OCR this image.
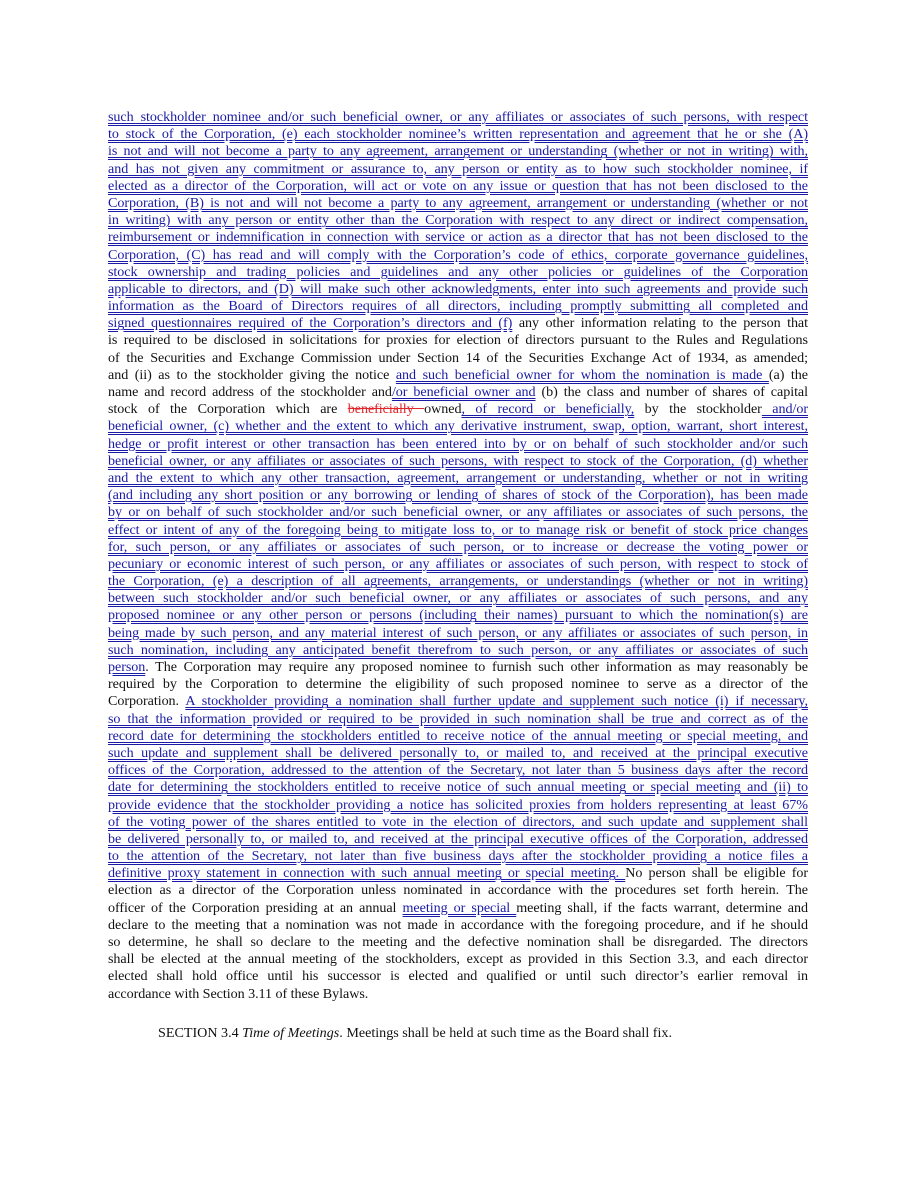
such stockholder nominee and/or such beneficial owner, or any affiliates or associates of such persons, with respect
to stock of the Corporation, (e) each stockholder nominee’s written representation and agreement that he or she (A)
is not and will not become a party to any agreement, arrangement or understanding (whether or not in writing) with,
and has not given any commitment or assurance to, any person or entity as to how such stockholder nominee, if
elected as a director of the Corporation, will act or vote on any issue or question that has not been disclosed to the
Corporation, (B) is not and will not become a party to any agreement, arrangement or understanding (whether or not
in writing) with any person or entity other than the Corporation with respect to any direct or indirect compensation,
reimbursement or indemnification in connection with service or action as a director that has not been disclosed to the
Corporation, (C) has read and will comply with the Corporation’s code of ethics, corporate governance guidelines,
stock ownership and trading policies and guidelines and any other policies or guidelines of the Corporation
applicable to directors, and (D) will make such other acknowledgments, enter into such agreements and provide such
information as the Board of Directors requires of all directors, including promptly submitting all completed and
signed questionnaires required of the Corporation’s directors and (f) any other information relating to the person that
is required to be disclosed in solicitations for proxies for election of directors pursuant to the Rules and Regulations
of the Securities and Exchange Commission under Section 14 of the Securities Exchange Act of 1934, as amended;
and (ii) as to the stockholder giving the notice and such beneficial owner for whom the nomination is made (a) the
name and record address of the stockholder and/or beneficial owner and (b) the class and number of shares of capital
stock of the Corporation which are beneficially owned, of record or beneficially, by the stockholder and/or
beneficial owner, (c) whether and the extent to which any derivative instrument, swap, option, warrant, short interest,
hedge or profit interest or other transaction has been entered into by or on behalf of such stockholder and/or such
beneficial owner, or any affiliates or associates of such persons, with respect to stock of the Corporation, (d) whether
and the extent to which any other transaction, agreement, arrangement or understanding, whether or not in writing
(and including any short position or any borrowing or lending of shares of stock of the Corporation), has been made
by or on behalf of such stockholder and/or such beneficial owner, or any affiliates or associates of such persons, the
effect or intent of any of the foregoing being to mitigate loss to, or to manage risk or benefit of stock price changes
for, such person, or any affiliates or associates of such person, or to increase or decrease the voting power or
pecuniary or economic interest of such person, or any affiliates or associates of such person, with respect to stock of
the Corporation, (e) a description of all agreements, arrangements, or understandings (whether or not in writing)
between such stockholder and/or such beneficial owner, or any affiliates or associates of such persons, and any
proposed nominee or any other person or persons (including their names) pursuant to which the nomination(s) are
being made by such person, and any material interest of such person, or any affiliates or associates of such person, in
such nomination, including any anticipated benefit therefrom to such person, or any affiliates or associates of such
person. The Corporation may require any proposed nominee to furnish such other information as may reasonably be
required by the Corporation to determine the eligibility of such proposed nominee to serve as a director of the
Corporation. A stockholder providing a nomination shall further update and supplement such notice (i) if necessary,
so that the information provided or required to be provided in such nomination shall be true and correct as of the
record date for determining the stockholders entitled to receive notice of the annual meeting or special meeting, and
such update and supplement shall be delivered personally to, or mailed to, and received at the principal executive
offices of the Corporation, addressed to the attention of the Secretary, not later than 5 business days after the record
date for determining the stockholders entitled to receive notice of such annual meeting or special meeting and (ii) to
provide evidence that the stockholder providing a notice has solicited proxies from holders representing at least 67%
of the voting power of the shares entitled to vote in the election of directors, and such update and supplement shall
be delivered personally to, or mailed to, and received at the principal executive offices of the Corporation, addressed
to the attention of the Secretary, not later than five business days after the stockholder providing a notice files a
definitive proxy statement in connection with such annual meeting or special meeting. No person shall be eligible for
election as a director of the Corporation unless nominated in accordance with the procedures set forth herein. The
officer of the Corporation presiding at an annual meeting or special meeting shall, if the facts warrant, determine and
declare to the meeting that a nomination was not made in accordance with the foregoing procedure, and if he should
so determine, he shall so declare to the meeting and the defective nomination shall be disregarded. The directors
shall be elected at the annual meeting of the stockholders, except as provided in this Section 3.3, and each director
elected shall hold office until his successor is elected and qualified or until such director’s earlier removal in
accordance with Section 3.11 of these Bylaws.
SECTION 3.4 Time of Meetings. Meetings shall be held at such time as the Board shall fix.
